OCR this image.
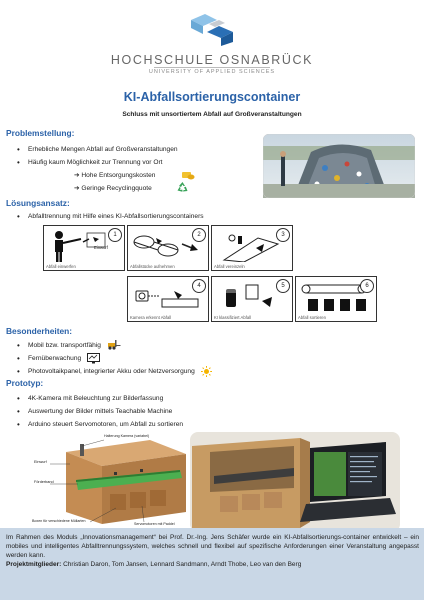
HOCHSCHULE OSNABRÜCK
UNIVERSITY OF APPLIED SCIENCES
KI-Abfallsortierungscontainer
Schluss mit unsortiertem Abfall auf Großveranstaltungen
Problemstellung:
• Erhebliche Mengen Abfall auf Großveranstaltungen
• Häufig kaum Möglichkeit zur Trennung vor Ort
➔ Hohe Entsorgungskosten
➔ Geringe Recyclingquote
Lösungsansatz:
• Abfalltrennung mit Hilfe eines KI-Abfallsortierungscontainers
Einwurf
1
Abfall einwerfen
2
Abfallstücke aufnehmen
3
Abfall vereinzeln
4
Kamera erkennt Abfall
5
KI klassifiziert Abfall
6
Abfall sortieren
Besonderheiten:
• Mobil bzw. transportfähig
• Fernüberwachung
• Photovoltaikpanel, integrierter Akku oder Netzversorgung
Prototyp:
• 4K-Kamera mit Beleuchtung zur Bilderfassung
• Auswertung der Bilder mittels Teachable Machine
• Arduino steuert Servomotoren, um Abfall zu sortieren
Halterung Kamera (variabel)
Einwurf
Förderband
Boxen für verschiedene Müllarten
Servomotoren mit Paddel
Im Rahmen des Moduls „Innovationsmanagement“ bei Prof. Dr.-Ing. Jens Schäfer wurde ein KI-Abfallsortierungs-container entwickelt – ein mobiles und intelligentes Abfalltrennungssystem, welches schnell und flexibel auf spezifische Anforderungen einer Veranstaltung angepasst werden kann.
Projektmitglieder: Christian Daron, Tom Jansen, Lennard Sandmann, Arndt Thobe, Leo van den Berg
